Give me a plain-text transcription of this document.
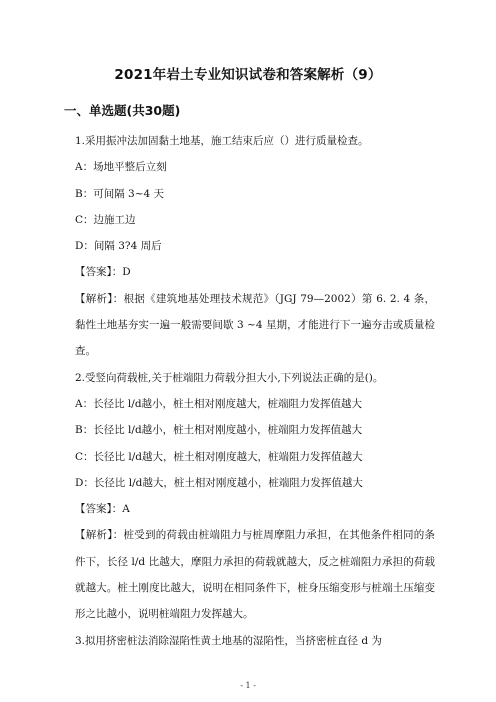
2021年岩土专业知识试卷和答案解析（9）
一、单选题(共30题)
1.采用振冲法加固黏土地基，施工结束后应（）进行质量检查。
A：场地平整后立刻
B：可间隔 3~4 天
C：边施工边
D：间隔 3?4 周后
【答案】：D
【解析】：根据《建筑地基处理技术规范》（JGJ 79—2002）第 6. 2. 4 条，黏性土地基夯实一遍一般需要间歇 3 ~4 星期，才能进行下一遍夯击或质量检查。
2.受竖向荷载桩,关于桩端阻力荷载分担大小,下列说法正确的是()。
A：长径比 l/d越小，桩土相对刚度越大，桩端阻力发挥值越大
B：长径比 l/d越小，桩土相对刚度越小，桩端阻力发挥值越大
C：长径比 l/d越大，桩土相对刚度越大，桩端阻力发挥值越大
D：长径比 l/d越大，桩土相对刚度越小，桩端阻力发挥值越大
【答案】：A
【解析】：桩受到的荷载由桩端阻力与桩周摩阻力承担，在其他条件相同的条件下，长径 l/d 比越大，摩阻力承担的荷载就越大，反之桩端阻力承担的荷载就越大。桩土刚度比越大，说明在相同条件下，桩身压缩变形与桩端土压缩变形之比越小，说明桩端阻力发挥越大。
3.拟用挤密桩法消除湿陷性黄土地基的湿陷性，当挤密桩直径 d 为
- 1 -
